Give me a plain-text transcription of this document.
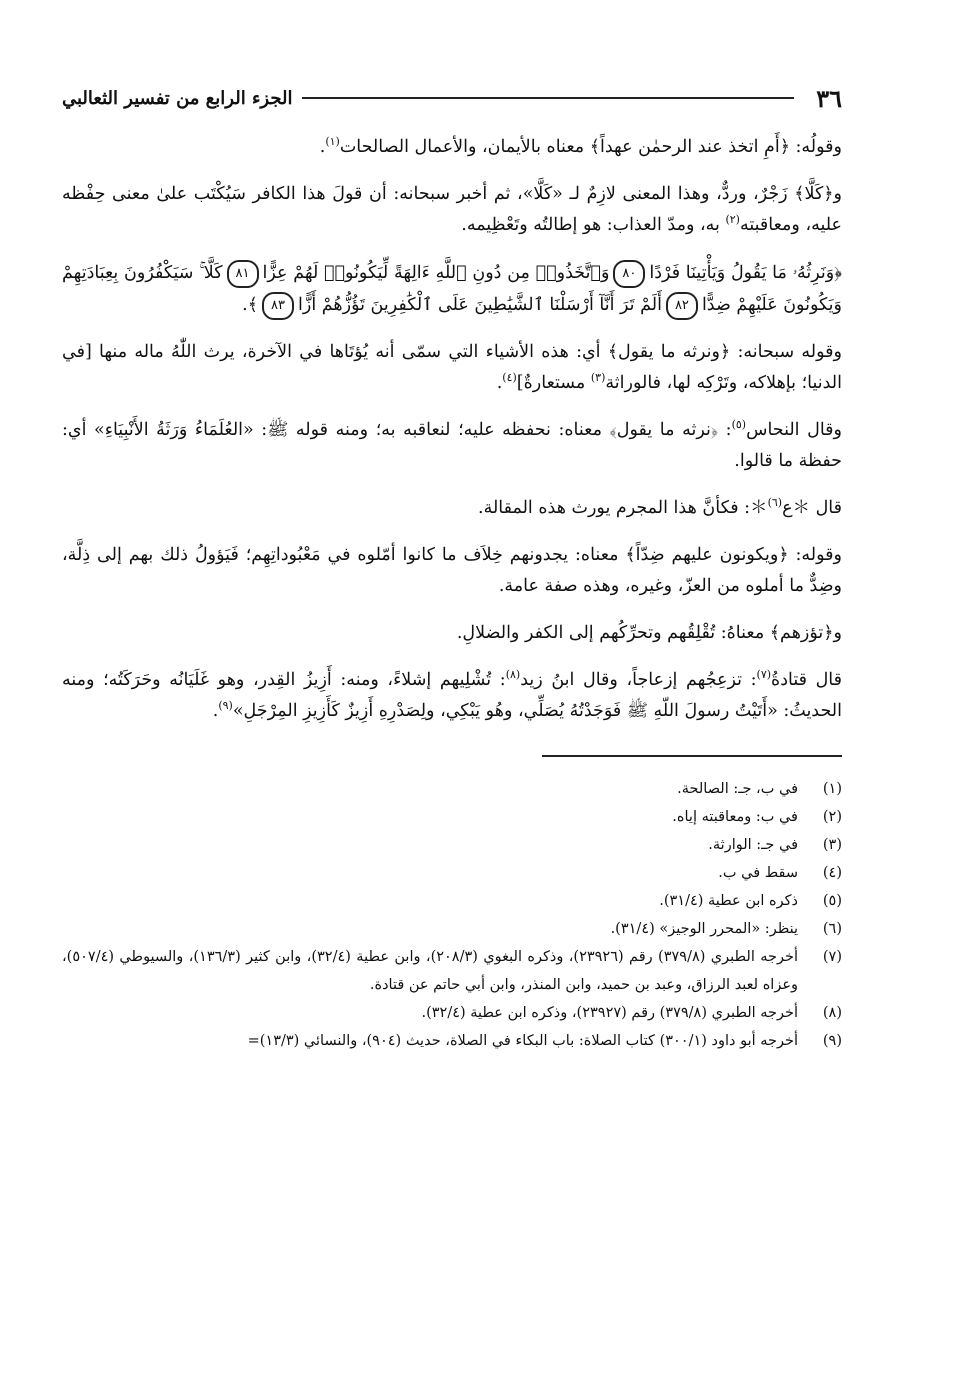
٣٦
الجزء الرابع من تفسير الثعالبي

وقولُه: ﴿أَمِ اتخذ عند الرحمٰن عهداً﴾ معناه بالأيمان، والأعمال الصالحات$^{(١)}$.

و﴿كَلَّا﴾ زَجْرٌ، وردٌّ، وهذا المعنى لازِمٌ لـ «كَلَّا»، ثم أخبر سبحانه: أن قولَ هذا الكافر سَيُكْتَب علىٰ معنى حِفْظه عليه، ومعاقبته$^{(٢)}$ به، ومدّ العذاب: هو إطالتُه وتَعْظِيمه.

﴿وَنَرِثُهُۥ مَا يَقُولُ وَيَأْتِينَا فَرْدًا٨٠وَٱتَّخَذُوا۟ مِن دُونِ ٱللَّهِ ءَالِهَةً لِّيَكُونُوا۟ لَهُمْ عِزًّا٨١كَلَّا ۚ سَيَكْفُرُونَ بِعِبَادَتِهِمْ وَيَكُونُونَ عَلَيْهِمْ ضِدًّا٨٢أَلَمْ تَرَ أَنَّآ أَرْسَلْنَا ٱلشَّيَٰطِينَ عَلَى ٱلْكَٰفِرِينَ تَؤُزُّهُمْ أَزًّا٨٣﴾.

وقوله سبحانه: ﴿ونرثه ما يقول﴾ أي: هذه الأشياء التي سمّى أنه يُؤتَاها في الآخرة، يرث اللّٰهُ ماله منها [في الدنيا؛ بإهلاكه، وتَرْكِه لها، فالوراثة$^{(٣)}$ مستعارةٌ]$^{(٤)}$.

وقال النحاس$^{(٥)}$: ﴿نرثه ما يقول﴾ معناه: نحفظه عليه؛ لنعاقبه به؛ ومنه قوله ﷺ: «العُلَمَاءُ وَرَثَةُ الأَنْبِيَاءِ» أي: حفظة ما قالوا.

قال ＊ع$^{(٦)}$＊: فكأنَّ هذا المجرم يورث هذه المقالة.

وقوله: ﴿ويكونون عليهم ضِدّاً﴾ معناه: يجدونهم خِلاَف ما كانوا أمّلوه في مَعْبُوداتِهِم؛ فَيَؤولُ ذلك بهم إلى ذِلَّة، وضِدٌّ ما أملوه من العزّ، وغيره، وهذه صفة عامة.

و﴿تؤزهم﴾ معناهُ: تُقْلِقُهم وتحرِّكُهم إلى الكفر والضلالِ.

قال قتادةُ$^{(٧)}$: تزعِجُهم إزعاجاً، وقال ابنُ زيد$^{(٨)}$: تُشْلِيهم إشلاءً، ومنه: أَزِيزُ القِدر، وهو غَلَيَانُه وحَرَكَتُه؛ ومنه الحديثُ: «أَتَيْتُ رسولَ اللّهِ ﷺ فَوَجَدْتُهُ يُصَلِّي، وهُو يَبْكِي، ولِصَدْرِهِ أَزِيزٌ كَأَزِيزِ المِرْجَلِ»$^{(٩)}$.

(١)
في ب، جـ: الصالحة.
(٢)
في ب: ومعاقبته إياه.
(٣)
في جـ: الوارثة.
(٤)
سقط في ب.
(٥)
ذكره ابن عطية (٣١/٤).
(٦)
ينظر: «المحرر الوجيز» (٣١/٤).
(٧)
أخرجه الطبري (٣٧٩/٨) رقم (٢٣٩٢٦)، وذكره البغوي (٢٠٨/٣)، وابن عطية (٣٢/٤)، وابن كثير (١٣٦/٣)، والسيوطي (٥٠٧/٤)، وعزاه لعبد الرزاق، وعبد بن حميد، وابن المنذر، وابن أبي حاتم عن قتادة.
(٨)
أخرجه الطبري (٣٧٩/٨) رقم (٢٣٩٢٧)، وذكره ابن عطية (٣٢/٤).
(٩)
أخرجه أبو داود (٣٠٠/١) كتاب الصلاة: باب البكاء في الصلاة، حديث (٩٠٤)، والنسائي (١٣/٣)=
